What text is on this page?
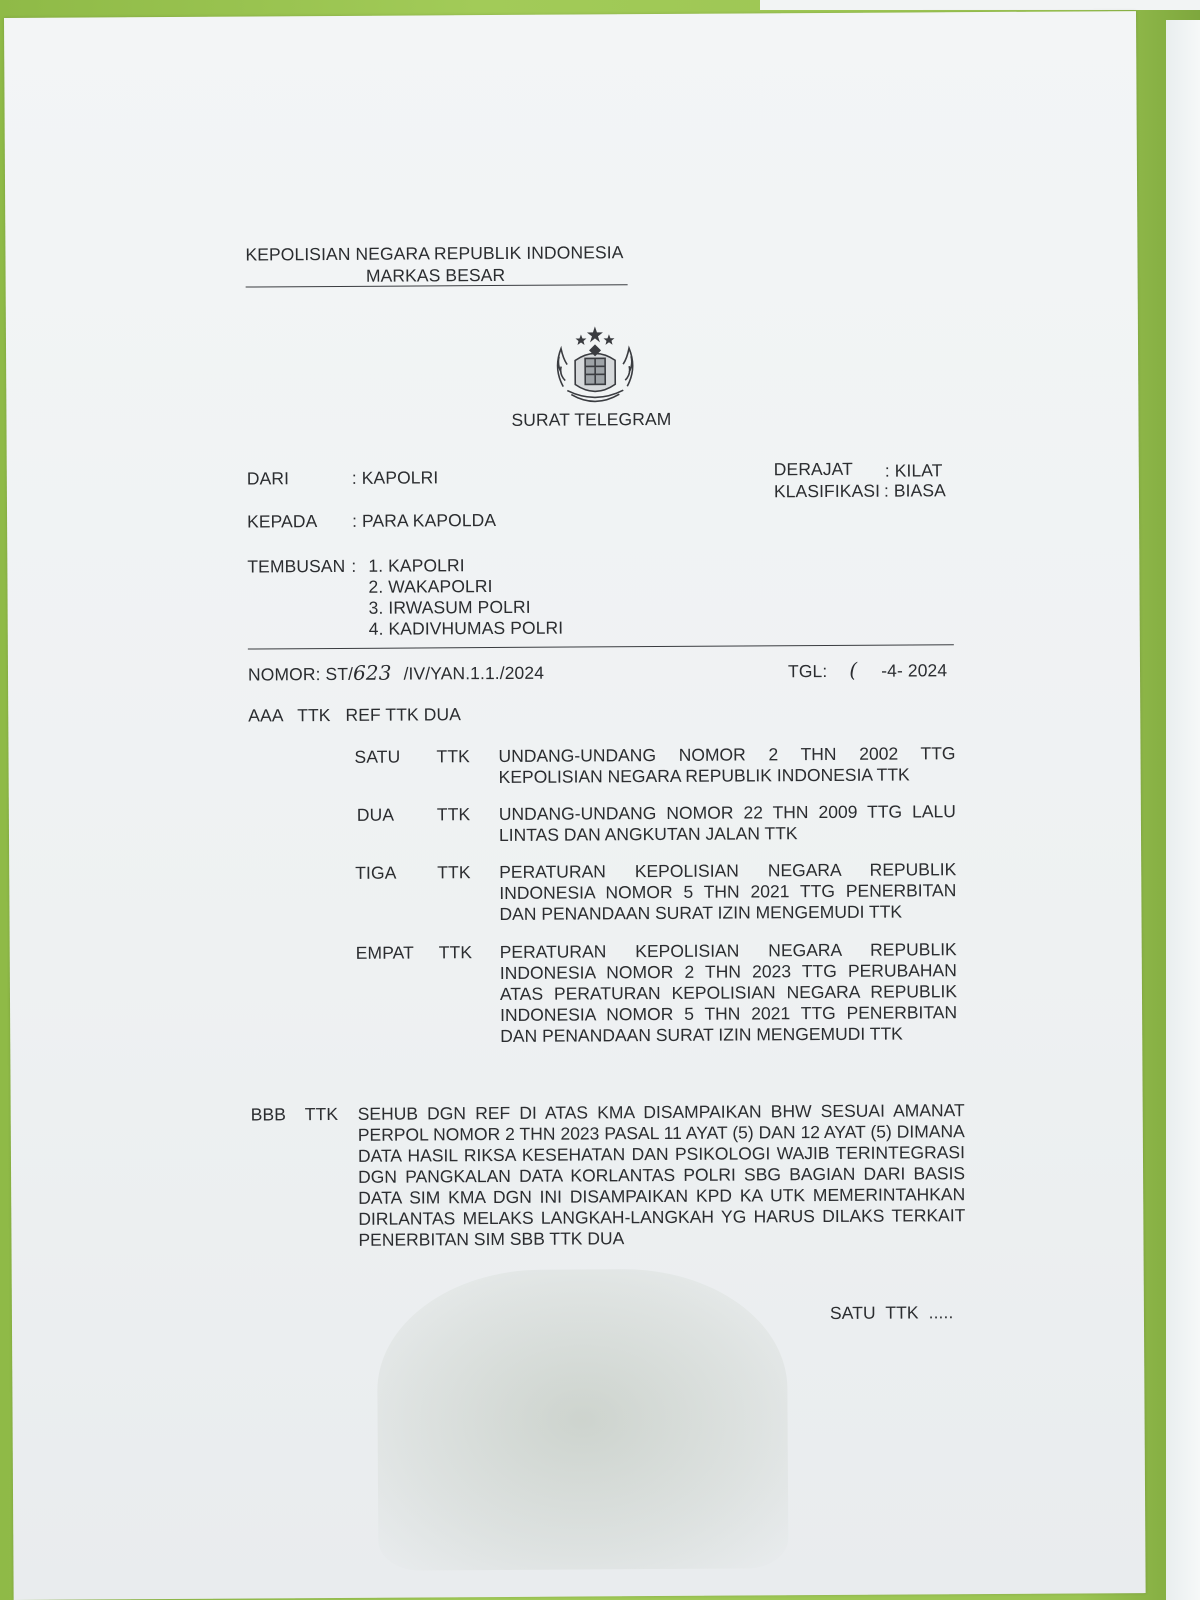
KEPOLISIAN NEGARA REPUBLIK INDONESIA
MARKAS BESAR
SURAT TELEGRAM
DARI	: KAPOLRI	DERAJAT : KILAT
KLASIFIKASI : BIASA
KEPADA : PARA KAPOLDA
TEMBUSAN : 1. KAPOLRI
2. WAKAPOLRI
3. IRWASUM POLRI
4. KADIVHUMAS POLRI
NOMOR: ST/623 /IV/YAN.1.1./2024	TGL: ( -4- 2024
AAA   TTK   REF TTK DUA
SATU TTK UNDANG-UNDANG NOMOR 2 THN 2002 TTG KEPOLISIAN NEGARA REPUBLIK INDONESIA TTK
DUA TTK UNDANG-UNDANG NOMOR 22 THN 2009 TTG LALU LINTAS DAN ANGKUTAN JALAN TTK
TIGA TTK PERATURAN KEPOLISIAN NEGARA REPUBLIK INDONESIA NOMOR 5 THN 2021 TTG PENERBITAN DAN PENANDAAN SURAT IZIN MENGEMUDI TTK
EMPAT TTK PERATURAN KEPOLISIAN NEGARA REPUBLIK INDONESIA NOMOR 2 THN 2023 TTG PERUBAHAN ATAS PERATURAN KEPOLISIAN NEGARA REPUBLIK INDONESIA NOMOR 5 THN 2021 TTG PENERBITAN DAN PENANDAAN SURAT IZIN MENGEMUDI TTK
BBB TTK SEHUB DGN REF DI ATAS KMA DISAMPAIKAN BHW SESUAI AMANAT PERPOL NOMOR 2 THN 2023 PASAL 11 AYAT (5) DAN 12 AYAT (5) DIMANA DATA HASIL RIKSA KESEHATAN DAN PSIKOLOGI WAJIB TERINTEGRASI DGN PANGKALAN DATA KORLANTAS POLRI SBG BAGIAN DARI BASIS DATA SIM KMA DGN INI DISAMPAIKAN KPD KA UTK MEMERINTAHKAN DIRLANTAS MELAKS LANGKAH-LANGKAH YG HARUS DILAKS TERKAIT PENERBITAN SIM SBB TTK DUA
SATU  TTK  .....
